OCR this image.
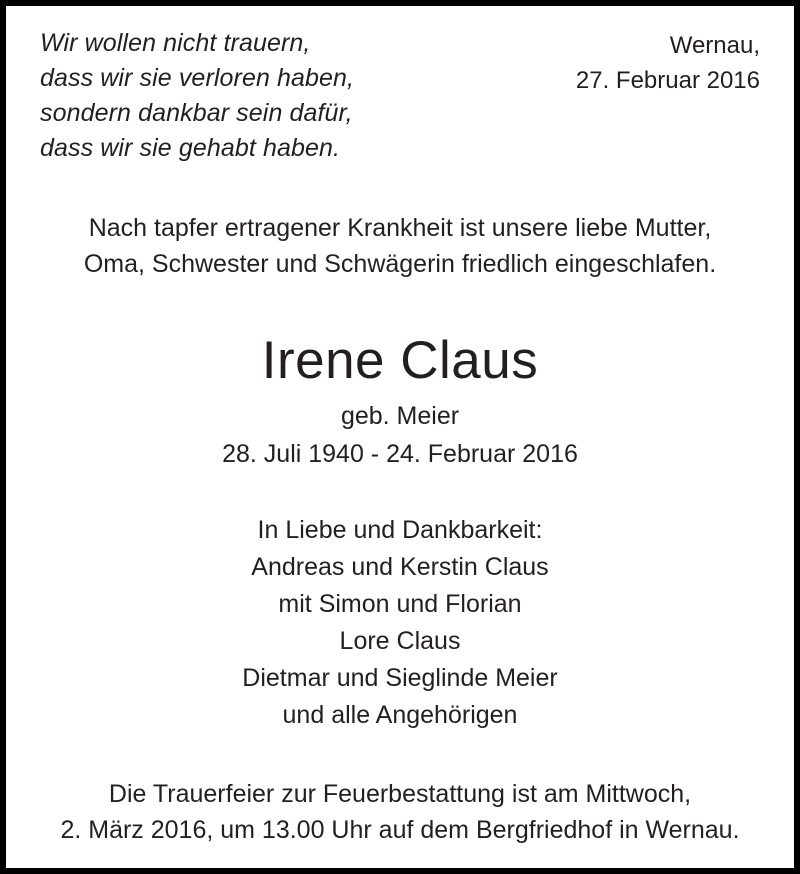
Wir wollen nicht trauern,
dass wir sie verloren haben,
sondern dankbar sein dafür,
dass wir sie gehabt haben.
Wernau,
27. Februar 2016
Nach tapfer ertragener Krankheit ist unsere liebe Mutter,
Oma, Schwester und Schwägerin friedlich eingeschlafen.
Irene Claus
geb. Meier
28. Juli 1940 - 24. Februar 2016
In Liebe und Dankbarkeit:
Andreas und Kerstin Claus
mit Simon und Florian
Lore Claus
Dietmar und Sieglinde Meier
und alle Angehörigen
Die Trauerfeier zur Feuerbestattung ist am Mittwoch,
2. März 2016, um 13.00 Uhr auf dem Bergfriedhof in Wernau.
